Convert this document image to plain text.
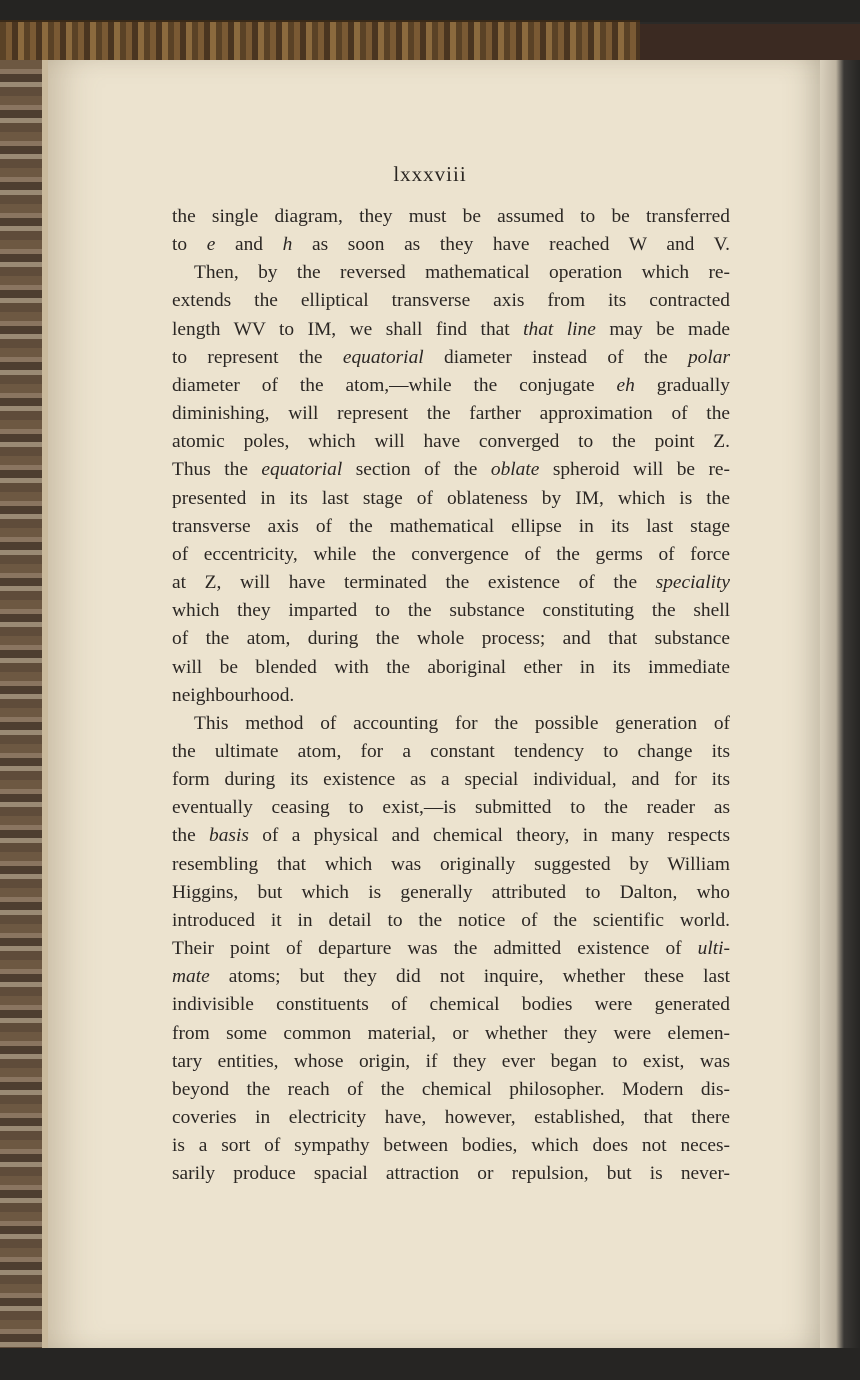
lxxxviii

the single diagram, they must be assumed to be transferred
to e and h as soon as they have reached W and V.

Then, by the reversed mathematical operation which re-
extends the elliptical transverse axis from its contracted
length WV to IM, we shall find that that line may be made
to represent the equatorial diameter instead of the polar
diameter of the atom,—while the conjugate eh gradually
diminishing, will represent the farther approximation of the
atomic poles, which will have converged to the point Z.
Thus the equatorial section of the oblate spheroid will be re-
presented in its last stage of oblateness by IM, which is the
transverse axis of the mathematical ellipse in its last stage
of eccentricity, while the convergence of the germs of force
at Z, will have terminated the existence of the speciality
which they imparted to the substance constituting the shell
of the atom, during the whole process; and that substance
will be blended with the aboriginal ether in its immediate
neighbourhood.

This method of accounting for the possible generation of
the ultimate atom, for a constant tendency to change its
form during its existence as a special individual, and for its
eventually ceasing to exist,—is submitted to the reader as
the basis of a physical and chemical theory, in many respects
resembling that which was originally suggested by William
Higgins, but which is generally attributed to Dalton, who
introduced it in detail to the notice of the scientific world.
Their point of departure was the admitted existence of ulti-
mate atoms; but they did not inquire, whether these last
indivisible constituents of chemical bodies were generated
from some common material, or whether they were elemen-
tary entities, whose origin, if they ever began to exist, was
beyond the reach of the chemical philosopher. Modern dis-
coveries in electricity have, however, established, that there
is a sort of sympathy between bodies, which does not neces-
sarily produce spacial attraction or repulsion, but is never-
